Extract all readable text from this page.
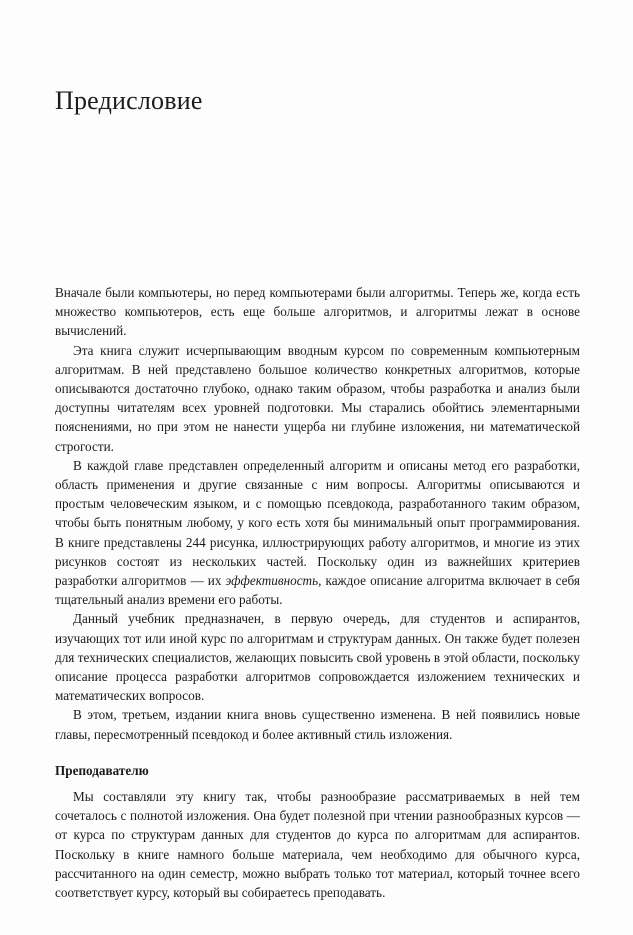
Предисловие

Вначале были компьютеры, но перед компьютерами были алгоритмы. Теперь же, когда есть множество компьютеров, есть еще больше алгоритмов, и алгоритмы лежат в основе вычислений.

Эта книга служит исчерпывающим вводным курсом по современным компьютерным алгоритмам. В ней представлено большое количество конкретных алгоритмов, которые описываются достаточно глубоко, однако таким образом, чтобы разработка и анализ были доступны читателям всех уровней подготовки. Мы старались обойтись элементарными пояснениями, но при этом не нанести ущерба ни глубине изложения, ни математической строгости.

В каждой главе представлен определенный алгоритм и описаны метод его разработки, область применения и другие связанные с ним вопросы. Алгоритмы описываются и простым человеческим языком, и с помощью псевдокода, разработанного таким образом, чтобы быть понятным любому, у кого есть хотя бы минимальный опыт программирования. В книге представлены 244 рисунка, иллюстрирующих работу алгоритмов, и многие из этих рисунков состоят из нескольких частей. Поскольку один из важнейших критериев разработки алгоритмов — их эффективность, каждое описание алгоритма включает в себя тщательный анализ времени его работы.

Данный учебник предназначен, в первую очередь, для студентов и аспирантов, изучающих тот или иной курс по алгоритмам и структурам данных. Он также будет полезен для технических специалистов, желающих повысить свой уровень в этой области, поскольку описание процесса разработки алгоритмов сопровождается изложением технических и математических вопросов.

В этом, третьем, издании книга вновь существенно изменена. В ней появились новые главы, пересмотренный псевдокод и более активный стиль изложения.

Преподавателю

Мы составляли эту книгу так, чтобы разнообразие рассматриваемых в ней тем сочеталось с полнотой изложения. Она будет полезной при чтении разнообразных курсов — от курса по структурам данных для студентов до курса по алгоритмам для аспирантов. Поскольку в книге намного больше материала, чем необходимо для обычного курса, рассчитанного на один семестр, можно выбрать только тот материал, который точнее всего соответствует курсу, который вы собираетесь преподавать.
